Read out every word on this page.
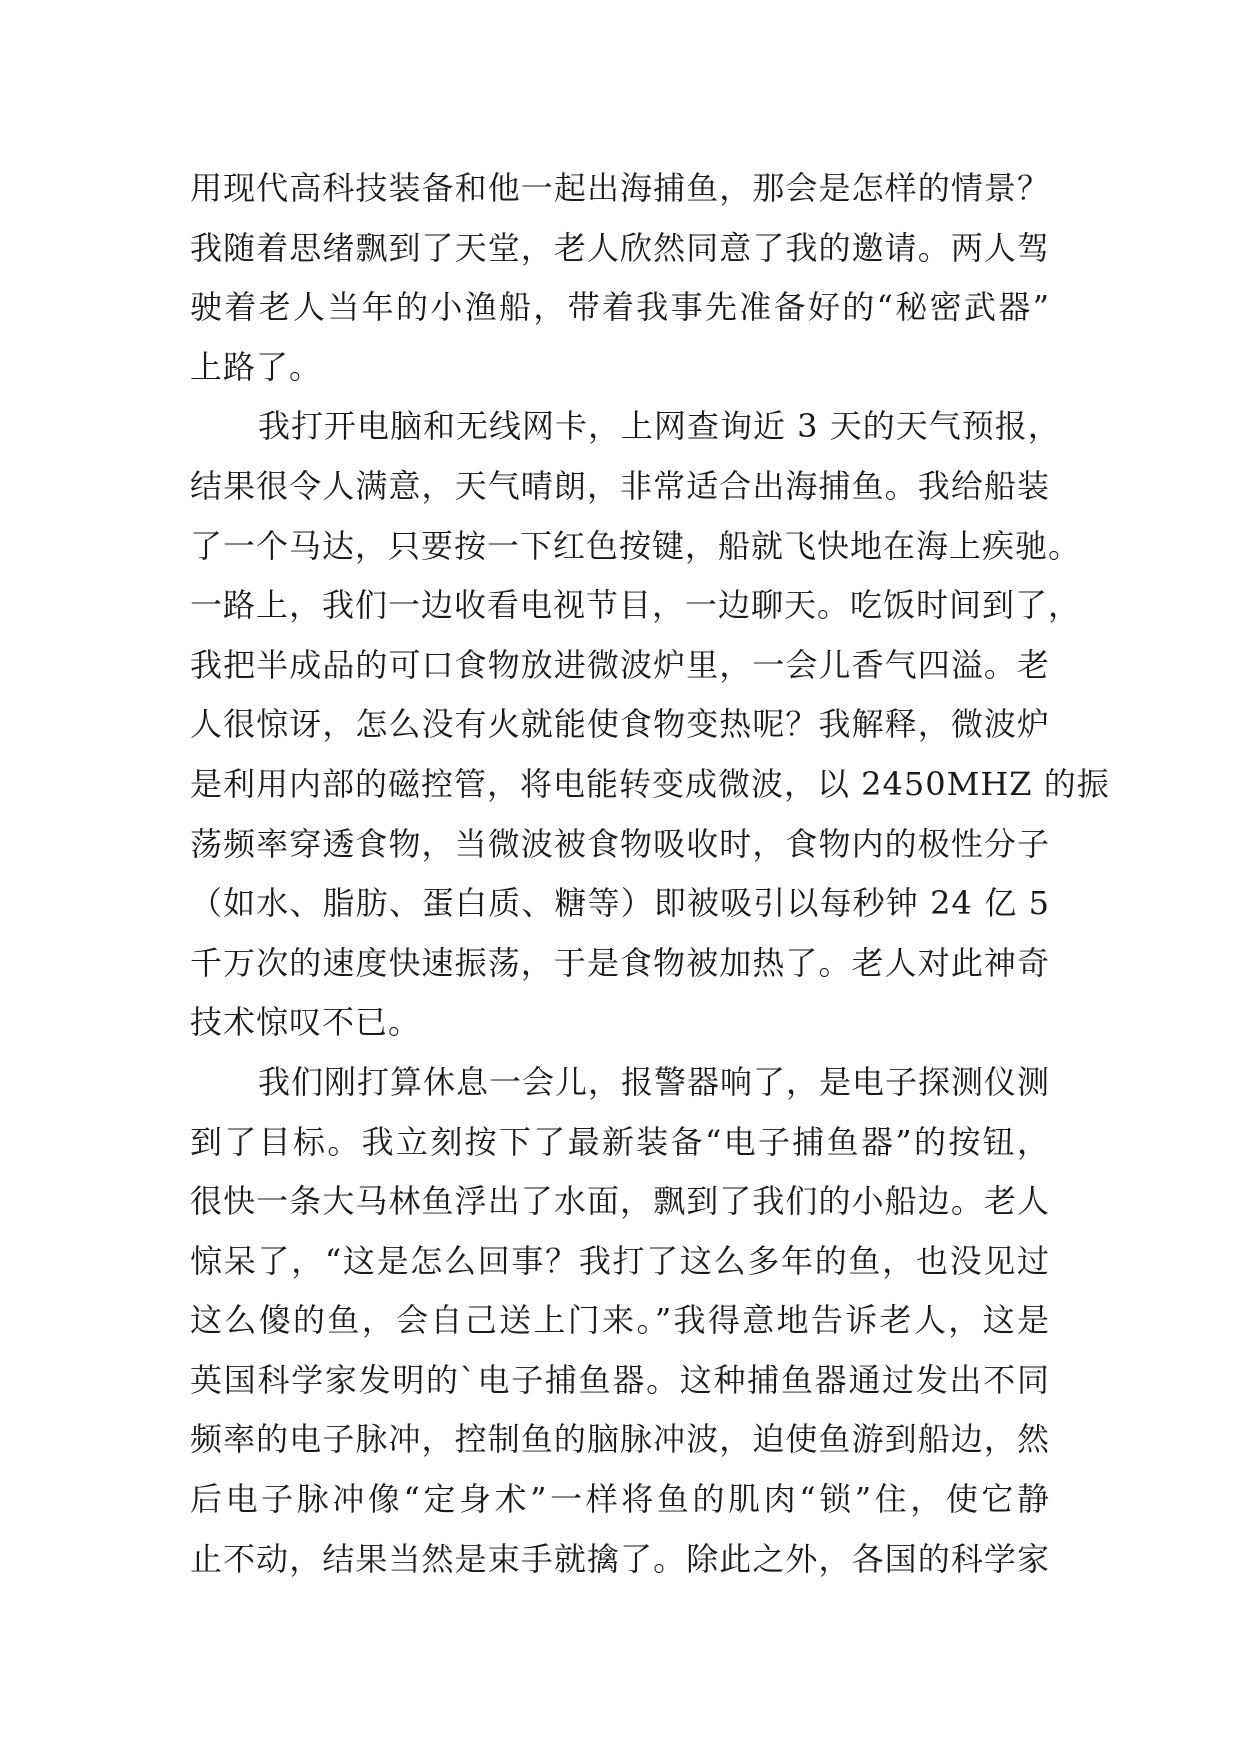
用现代高科技装备和他一起出海捕鱼，那会是怎样的情景？
我随着思绪飘到了天堂，老人欣然同意了我的邀请。两人驾
驶着老人当年的小渔船，带着我事先准备好的“秘密武器”
上路了。
我打开电脑和无线网卡，上网查询近 3 天的天气预报，
结果很令人满意，天气晴朗，非常适合出海捕鱼。我给船装
了一个马达，只要按一下红色按键，船就飞快地在海上疾驰。
一路上，我们一边收看电视节目，一边聊天。吃饭时间到了，
我把半成品的可口食物放进微波炉里，一会儿香气四溢。老
人很惊讶，怎么没有火就能使食物变热呢？我解释，微波炉
是利用内部的磁控管，将电能转变成微波，以 2450MHZ 的振
荡频率穿透食物，当微波被食物吸收时，食物内的极性分子
（如水、脂肪、蛋白质、糖等）即被吸引以每秒钟 24 亿 5
千万次的速度快速振荡，于是食物被加热了。老人对此神奇
技术惊叹不已。
我们刚打算休息一会儿，报警器响了，是电子探测仪测
到了目标。我立刻按下了最新装备“电子捕鱼器”的按钮，
很快一条大马林鱼浮出了水面，飘到了我们的小船边。老人
惊呆了，“这是怎么回事？我打了这么多年的鱼，也没见过
这么傻的鱼，会自己送上门来。”我得意地告诉老人，这是
英国科学家发明的`电子捕鱼器。这种捕鱼器通过发出不同
频率的电子脉冲，控制鱼的脑脉冲波，迫使鱼游到船边，然
后电子脉冲像“定身术”一样将鱼的肌肉“锁”住，使它静
止不动，结果当然是束手就擒了。除此之外，各国的科学家
